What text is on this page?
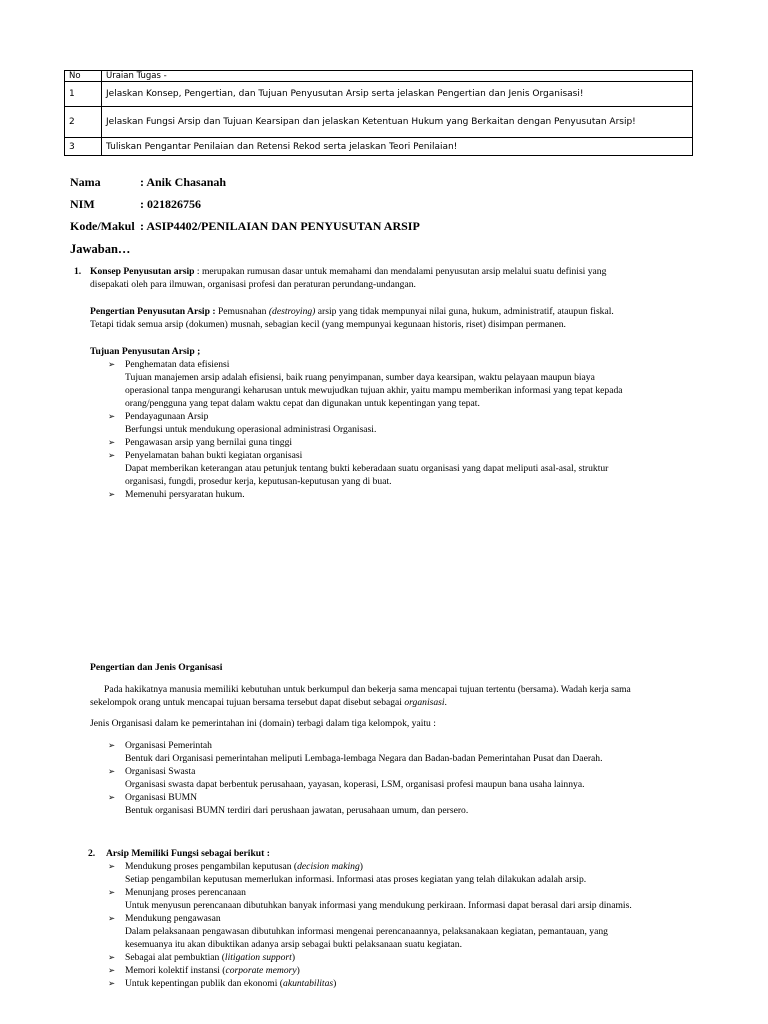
No	Uraian Tugas -
1	Jelaskan Konsep, Pengertian, dan Tujuan Penyusutan Arsip serta jelaskan Pengertian dan Jenis Organisasi!
2	Jelaskan Fungsi Arsip dan Tujuan Kearsipan dan jelaskan Ketentuan Hukum yang Berkaitan dengan Penyusutan Arsip!
3	Tuliskan Pengantar Penilaian dan Retensi Rekod serta jelaskan Teori Penilaian!
Nama	: Anik Chasanah
NIM	: 021826756
Kode/Makul : ASIP4402/PENILAIAN DAN PENYUSUTAN ARSIP
Jawaban…
1. Konsep Penyusutan arsip : merupakan rumusan dasar untuk memahami dan mendalami penyusutan arsip melalui suatu definisi yang
disepakati oleh para ilmuwan, organisasi profesi dan peraturan perundang-undangan.
Pengertian Penyusutan Arsip : Pemusnahan (destroying) arsip yang tidak mempunyai nilai guna, hukum, administratif, ataupun fiskal.
Tetapi tidak semua arsip (dokumen) musnah, sebagian kecil (yang mempunyai kegunaan historis, riset) disimpan permanen.
Tujuan Penyusutan Arsip ;
➢ Penghematan data efisiensi
Tujuan manajemen arsip adalah efisiensi, baik ruang penyimpanan, sumber daya kearsipan, waktu pelayaan maupun biaya
operasional tanpa mengurangi keharusan untuk mewujudkan tujuan akhir, yaitu mampu memberikan informasi yang tepat kepada
orang/pengguna yang tepat dalam waktu cepat dan digunakan untuk kepentingan yang tepat.
➢ Pendayagunaan Arsip
Berfungsi untuk mendukung operasional administrasi Organisasi.
➢ Pengawasan arsip yang bernilai guna tinggi
➢ Penyelamatan bahan bukti kegiatan organisasi
Dapat memberikan keterangan atau petunjuk tentang bukti keberadaan suatu organisasi yang dapat meliputi asal-asal, struktur
organisasi, fungdi, prosedur kerja, keputusan-keputusan yang di buat.
➢ Memenuhi persyaratan hukum.
Pengertian dan Jenis Organisasi
Pada hakikatnya manusia memiliki kebutuhan untuk berkumpul dan bekerja sama mencapai tujuan tertentu (bersama). Wadah kerja sama
sekelompok orang untuk mencapai tujuan bersama tersebut dapat disebut sebagai organisasi.
Jenis Organisasi dalam ke pemerintahan ini (domain) terbagi dalam tiga kelompok, yaitu :
➢ Organisasi Pemerintah
Bentuk dari Organisasi pemerintahan meliputi Lembaga-lembaga Negara dan Badan-badan Pemerintahan Pusat dan Daerah.
➢ Organisasi Swasta
Organisasi swasta dapat berbentuk perusahaan, yayasan, koperasi, LSM, organisasi profesi maupun bana usaha lainnya.
➢ Organisasi BUMN
Bentuk organisasi BUMN terdiri dari perushaan jawatan, perusahaan umum, dan persero.
2. Arsip Memiliki Fungsi sebagai berikut :
➢ Mendukung proses pengambilan keputusan (decision making)
Setiap pengambilan keputusan memerlukan informasi. Informasi atas proses kegiatan yang telah dilakukan adalah arsip.
➢ Menunjang proses perencanaan
Untuk menyusun perencanaan dibutuhkan banyak informasi yang mendukung perkiraan. Informasi dapat berasal dari arsip dinamis.
➢ Mendukung pengawasan
Dalam pelaksanaan pengawasan dibutuhkan informasi mengenai perencanaannya, pelaksanakaan kegiatan, pemantauan, yang
kesemuanya itu akan dibuktikan adanya arsip sebagai bukti pelaksanaan suatu kegiatan.
➢ Sebagai alat pembuktian (litigation support)
➢ Memori kolektif instansi (corporate memory)
➢ Untuk kepentingan publik dan ekonomi (akuntabilitas)
